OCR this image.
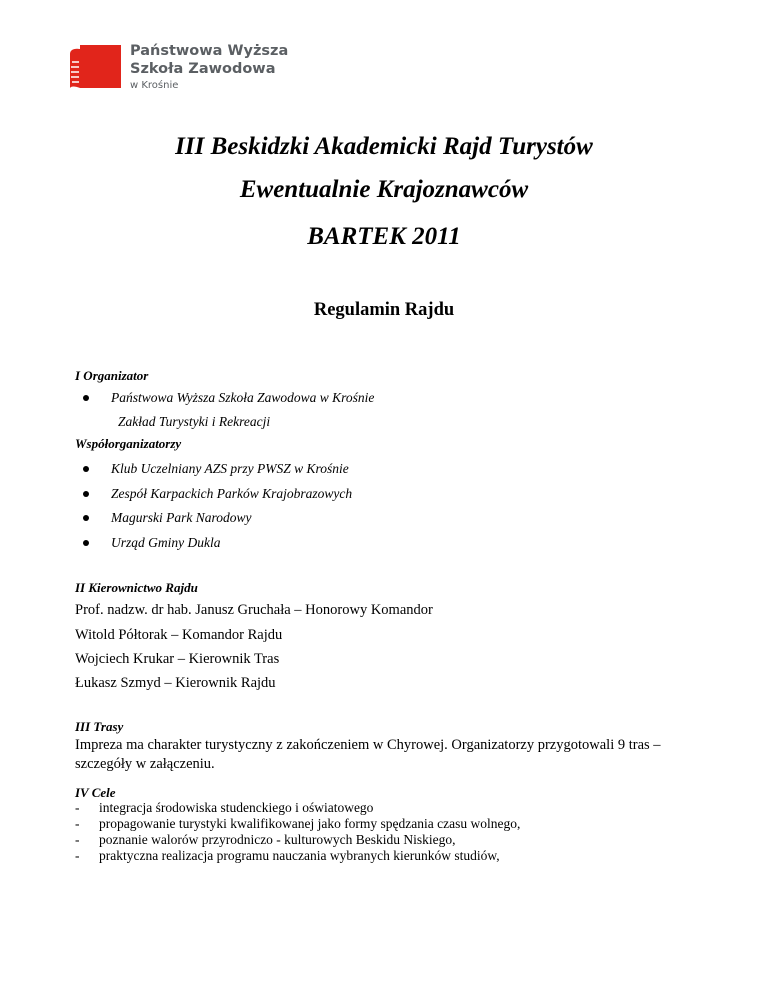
Państwowa Wyższa
Szkoła Zawodowa
w Krośnie
III Beskidzki Akademicki Rajd Turystów
Ewentualnie Krajoznawców
BARTEK 2011
Regulamin Rajdu
I Organizator
Państwowa Wyższa Szkoła Zawodowa w Krośnie
Zakład Turystyki i Rekreacji
Współorganizatorzy
Klub Uczelniany AZS przy PWSZ w Krośnie
Zespół Karpackich Parków Krajobrazowych
Magurski Park Narodowy
Urząd Gminy Dukla
II Kierownictwo Rajdu
Prof. nadzw. dr hab. Janusz Gruchała – Honorowy Komandor
Witold Półtorak – Komandor Rajdu
Wojciech Krukar – Kierownik Tras
Łukasz Szmyd – Kierownik Rajdu
III Trasy
Impreza ma charakter turystyczny z zakończeniem w Chyrowej. Organizatorzy przygotowali 9 tras – szczegóły w załączeniu.
IV Cele
- integracja środowiska studenckiego i oświatowego
- propagowanie turystyki kwalifikowanej jako formy spędzania czasu wolnego,
- poznanie walorów przyrodniczo - kulturowych Beskidu Niskiego,
- praktyczna realizacja programu nauczania wybranych kierunków studiów,
